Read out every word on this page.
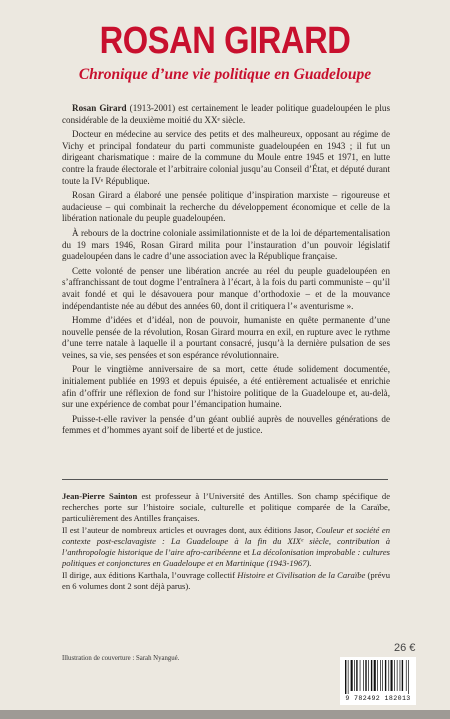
ROSAN GIRARD
Chronique d’une vie politique en Guadeloupe

Rosan Girard (1913-2001) est certainement le leader politique guadeloupéen le plus considérable de la deuxième moitié du XXᵉ siècle.

Docteur en médecine au service des petits et des malheureux, opposant au régime de Vichy et principal fondateur du parti communiste guadeloupéen en 1943 ; il fut un dirigeant charismatique : maire de la commune du Moule entre 1945 et 1971, en lutte contre la fraude électorale et l’arbitraire colonial jusqu’au Conseil d’État, et député durant toute la IVᵉ République.

Rosan Girard a élaboré une pensée politique d’inspiration marxiste – rigoureuse et audacieuse – qui combinait la recherche du développement économique et celle de la libération nationale du peuple guadeloupéen.

À rebours de la doctrine coloniale assimilationniste et de la loi de départementalisation du 19 mars 1946, Rosan Girard milita pour l’instauration d’un pouvoir législatif guadeloupéen dans le cadre d’une association avec la République française.

Cette volonté de penser une libération ancrée au réel du peuple guadeloupéen en s’affranchissant de tout dogme l’entraînera à l’écart, à la fois du parti communiste – qu’il avait fondé et qui le désavouera pour manque d’orthodoxie – et de la mouvance indépendantiste née au début des années 60, dont il critiquera l’« aventurisme ».

Homme d’idées et d’idéal, non de pouvoir, humaniste en quête permanente d’une nouvelle pensée de la révolution, Rosan Girard mourra en exil, en rupture avec le rythme d’une terre natale à laquelle il a pourtant consacré, jusqu’à la dernière pulsation de ses veines, sa vie, ses pensées et son espérance révolutionnaire.

Pour le vingtième anniversaire de sa mort, cette étude solidement documentée, initialement publiée en 1993 et depuis épuisée, a été entièrement actualisée et enrichie afin d’offrir une réflexion de fond sur l’histoire politique de la Guadeloupe et, au-delà, sur une expérience de combat pour l’émancipation humaine.

Puisse-t-elle raviver la pensée d’un géant oublié auprès de nouvelles générations de femmes et d’hommes ayant soif de liberté et de justice.

Jean-Pierre Sainton est professeur à l’Université des Antilles. Son champ spécifique de recherches porte sur l’histoire sociale, culturelle et politique comparée de la Caraïbe, particulièrement des Antilles françaises.

Il est l’auteur de nombreux articles et ouvrages dont, aux éditions Jasor, Couleur et société en contexte post-esclavagiste : La Guadeloupe à la fin du XIXᵉ siècle, contribution à l’anthropologie historique de l’aire afro-caribéenne et La décolonisation improbable : cultures politiques et conjonctures en Guadeloupe et en Martinique (1943-1967).

Il dirige, aux éditions Karthala, l’ouvrage collectif Histoire et Civilisation de la Caraïbe (prévu en 6 volumes dont 2 sont déjà parus).

26 €
Illustration de couverture : Sarah Nyangué.
9 782492 182013
